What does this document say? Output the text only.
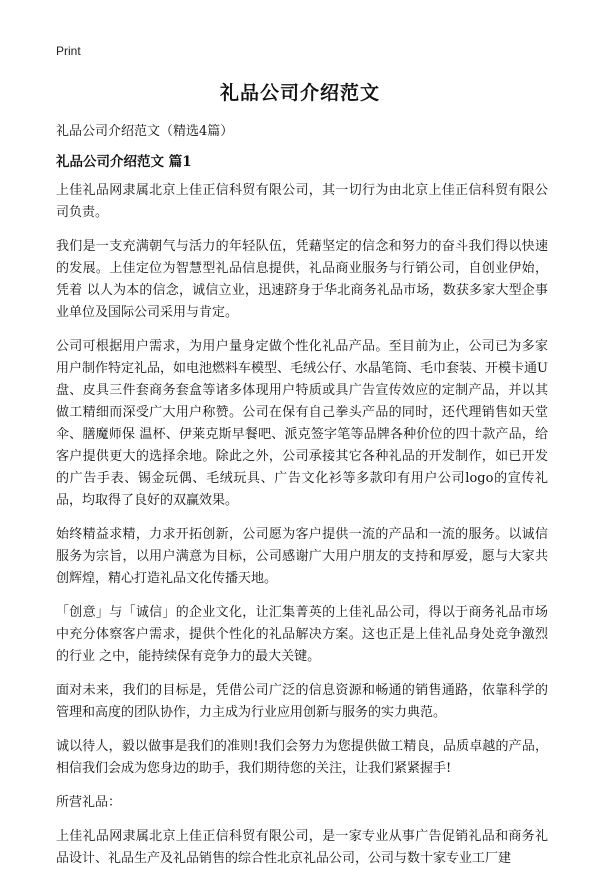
Print
礼品公司介绍范文
礼品公司介绍范文（精选4篇）
礼品公司介绍范文 篇1

上佳礼品网隶属北京上佳正信科贸有限公司，其一切行为由北京上佳正信科贸有限公司负责。

我们是一支充满朝气与活力的年轻队伍，凭藉坚定的信念和努力的奋斗我们得以快速的发展。上佳定位为智慧型礼品信息提供，礼品商业服务与行销公司，自创业伊始，凭着 以人为本的信念，诚信立业，迅速跻身于华北商务礼品市场，数获多家大型企事业单位及国际公司采用与肯定。

公司可根据用户需求，为用户量身定做个性化礼品产品。至目前为止，公司已为多家用户制作特定礼品，如电池燃料车模型、毛绒公仔、水晶笔筒、毛巾套装、开模卡通U盘、皮具三件套商务套盒等诸多体现用户特质或具广告宣传效应的定制产品，并以其做工精细而深受广大用户称赞。公司在保有自己拳头产品的同时，还代理销售如天堂伞、膳魔师保 温杯、伊莱克斯早餐吧、派克签字笔等品牌各种价位的四十款产品，给客户提供更大的选择余地。除此之外，公司承接其它各种礼品的开发制作，如已开发的广告手表、锡金玩偶、毛绒玩具、广告文化衫等多款印有用户公司logo的宣传礼品，均取得了良好的双赢效果。

始终精益求精，力求开拓创新，公司愿为客户提供一流的产品和一流的服务。以诚信服务为宗旨，以用户满意为目标，公司感谢广大用户朋友的支持和厚爱，愿与大家共创辉煌，精心打造礼品文化传播天地。

「创意」与「诚信」的企业文化，让汇集菁英的上佳礼品公司，得以于商务礼品市场中充分体察客户需求，提供个性化的礼品解决方案。这也正是上佳礼品身处竞争激烈的行业 之中，能持续保有竞争力的最大关键。

面对未来，我们的目标是，凭借公司广泛的信息资源和畅通的销售通路，依靠科学的管理和高度的团队协作，力主成为行业应用创新与服务的实力典范。

诚以待人，毅以做事是我们的准则!我们会努力为您提供做工精良，品质卓越的产品，相信我们会成为您身边的助手，我们期待您的关注，让我们紧紧握手!

所营礼品：

上佳礼品网隶属北京上佳正信科贸有限公司，是一家专业从事广告促销礼品和商务礼品设计、礼品生产及礼品销售的综合性北京礼品公司，公司与数十家专业工厂建
